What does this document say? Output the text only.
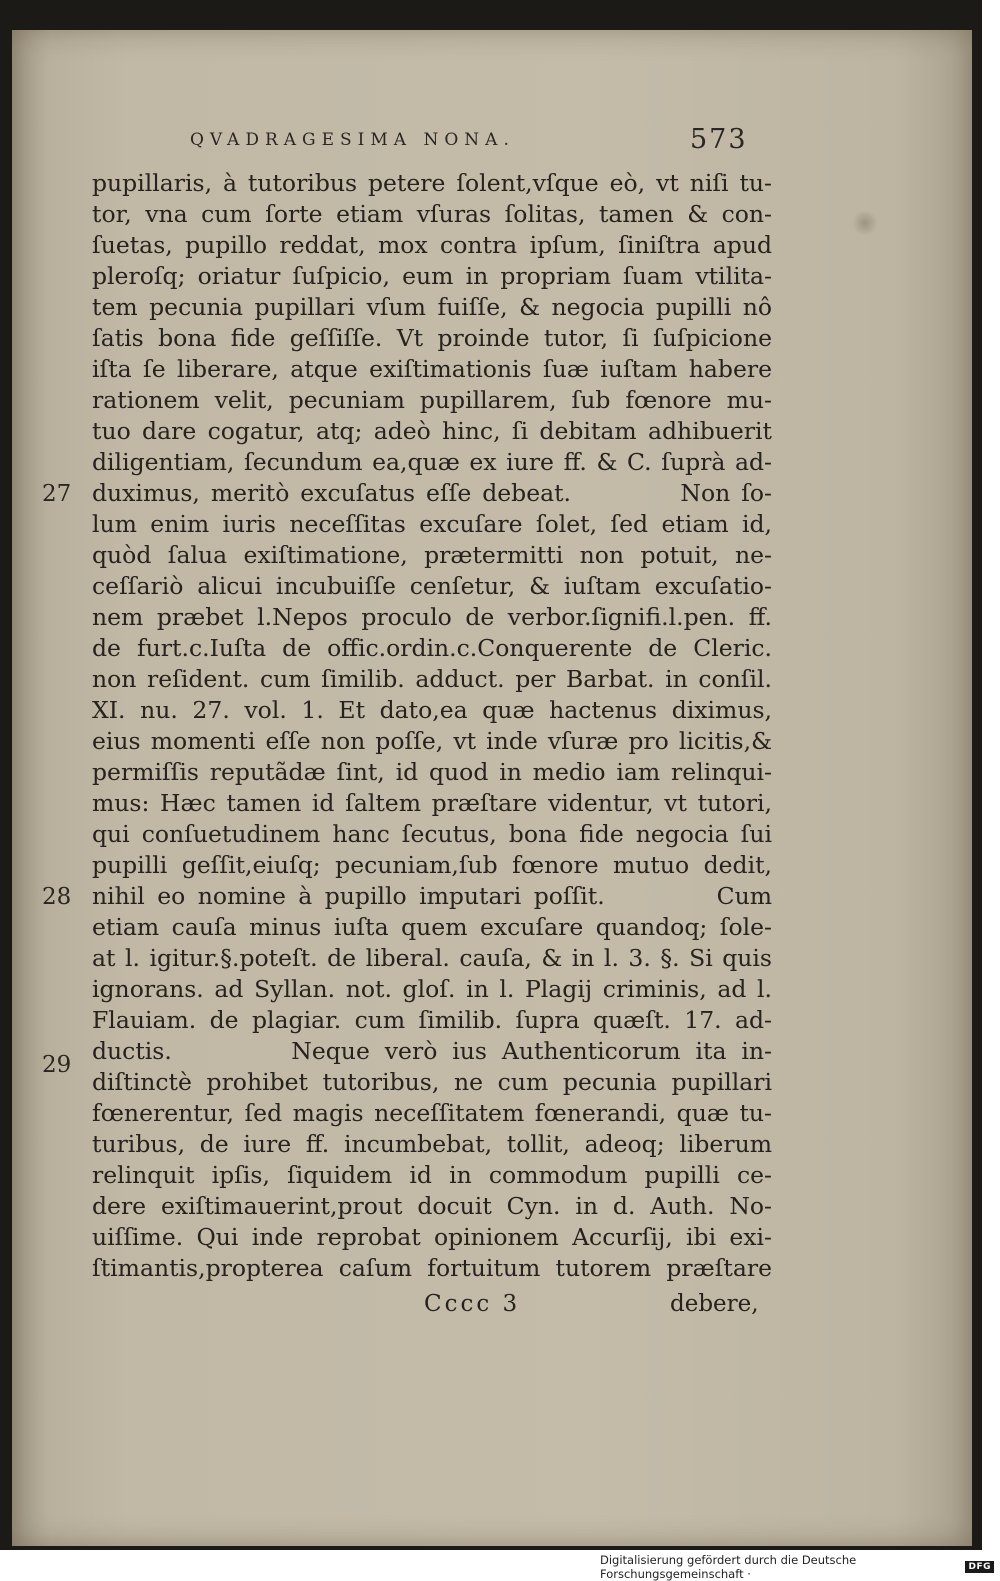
QVADRAGESIMA NONA.	573
pupillaris, à tutoribus petere ſolent,vſque eò, vt niſi tu-
tor, vna cum ſorte etiam vſuras ſolitas, tamen & con-
ſuetas, pupillo reddat, mox contra ipſum, ſiniſtra apud
pleroſq; oriatur ſuſpicio, eum in propriam ſuam vtilita-
tem pecunia pupillari vſum fuiſſe, & negocia pupilli nô
ſatis bona fide geſſiſſe. Vt proinde tutor, ſi ſuſpicione
iſta ſe liberare, atque exiſtimationis ſuæ iuſtam habere
rationem velit, pecuniam pupillarem, ſub fœnore mu-
tuo dare cogatur, atq; adeò hinc, ſi debitam adhibuerit
diligentiam, ſecundum ea,quæ ex iure ff. & C. ſuprà ad-
duximus, meritò excuſatus eſſe debeat.          Non ſo-
lum enim iuris neceſſitas excuſare ſolet, ſed etiam id,
quòd ſalua exiſtimatione, prætermitti non potuit, ne-
ceſſariò alicui incubuiſſe cenſetur, & iuſtam excuſatio-
nem præbet l.Nepos proculo de verbor.ſignifi.l.pen. ff.
de furt.c.Iuſta de offic.ordin.c.Conquerente de Cleric.
non reſident. cum ſimilib. adduct. per Barbat. in conſil.
XI. nu. 27. vol. 1. Et dato,ea quæ hactenus diximus,
eius momenti eſſe non poſſe, vt inde vſuræ pro licitis,&
permiſſis reputãdæ ſint, id quod in medio iam relinqui-
mus: Hæc tamen id ſaltem præſtare videntur, vt tutori,
qui conſuetudinem hanc ſecutus, bona fide negocia ſui
pupilli geſſit,eiuſq; pecuniam,ſub fœnore mutuo dedit,
nihil eo nomine à pupillo imputari poſſit.         Cum
etiam cauſa minus iuſta quem excuſare quandoq; ſole-
at l. igitur.§.poteſt. de liberal. cauſa, & in l. 3. §. Si quis
ignorans. ad Syllan. not. gloſ. in l. Plagij criminis, ad l.
Flauiam. de plagiar. cum ſimilib. ſupra quæſt. 17. ad-
ductis.        Neque verò ius Authenticorum ita in-
diſtinctè prohibet tutoribus, ne cum pecunia pupillari
fœnerentur, ſed magis neceſſitatem fœnerandi, quæ tu-
turibus, de iure ff. incumbebat, tollit, adeoq; liberum
relinquit ipſis, ſiquidem id in commodum pupilli ce-
dere exiſtimauerint,prout docuit Cyn. in d. Auth. No-
uiſſime. Qui inde reprobat opinionem Accurſij, ibi exi-
ſtimantis,propterea caſum fortuitum tutorem præſtare
27
28
29
Cccc 3	debere,
Digitalisierung gefördert durch die Deutsche Forschungsgemeinschaft ·	DFG
